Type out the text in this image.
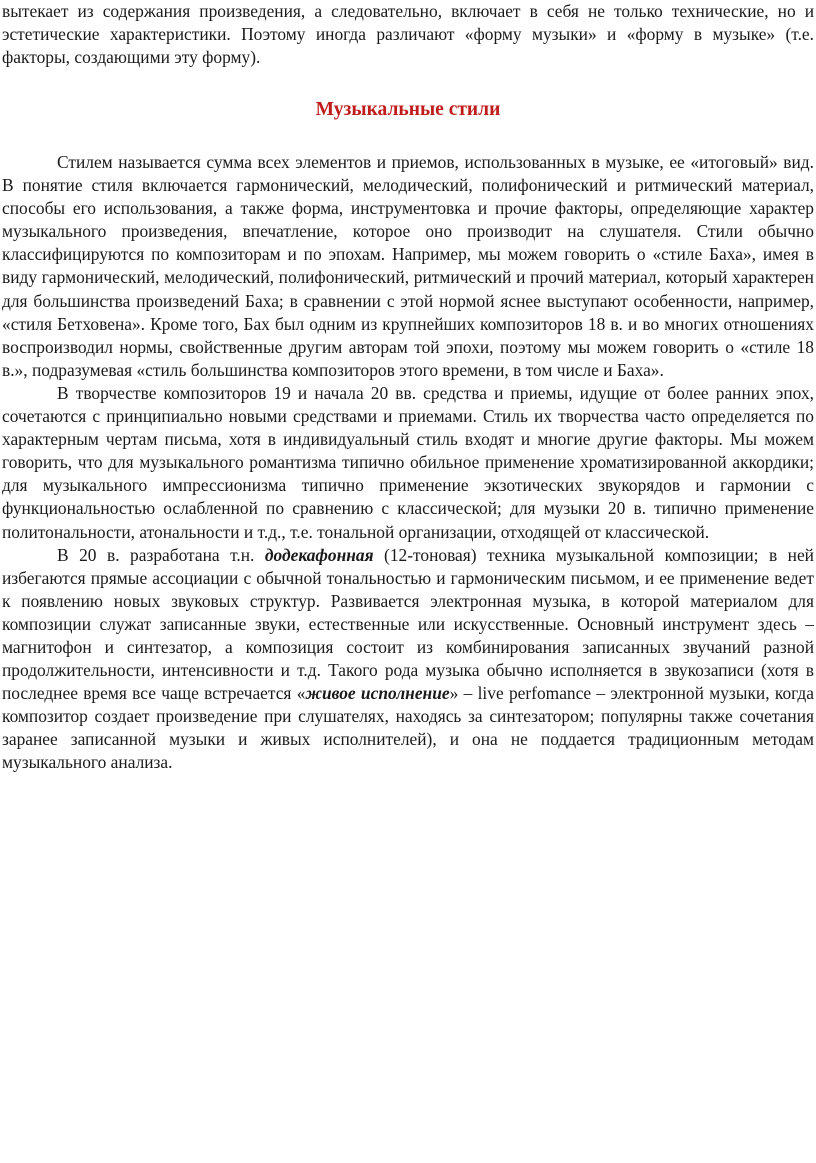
вытекает из содержания произведения, а следовательно, включает в себя не только технические, но и эстетические характеристики. Поэтому иногда различают «форму музыки» и «форму в музыке» (т.е. факторы, создающими эту форму).

Музыкальные стили

Стилем называется сумма всех элементов и приемов, использованных в музыке, ее «итоговый» вид. В понятие стиля включается гармонический, мелодический, полифонический и ритмический материал, способы его использования, а также форма, инструментовка и прочие факторы, определяющие характер музыкального произведения, впечатление, которое оно производит на слушателя. Стили обычно классифицируются по композиторам и по эпохам. Например, мы можем говорить о «стиле Баха», имея в виду гармонический, мелодический, полифонический, ритмический и прочий материал, который характерен для большинства произведений Баха; в сравнении с этой нормой яснее выступают особенности, например, «стиля Бетховена». Кроме того, Бах был одним из крупнейших композиторов 18 в. и во многих отношениях воспроизводил нормы, свойственные другим авторам той эпохи, поэтому мы можем говорить о «стиле 18 в.», подразумевая «стиль большинства композиторов этого времени, в том числе и Баха».

В творчестве композиторов 19 и начала 20 вв. средства и приемы, идущие от более ранних эпох, сочетаются с принципиально новыми средствами и приемами. Стиль их творчества часто определяется по характерным чертам письма, хотя в индивидуальный стиль входят и многие другие факторы. Мы можем говорить, что для музыкального романтизма типично обильное применение хроматизированной аккордики; для музыкального импрессионизма типично применение экзотических звукорядов и гармонии с функциональностью ослабленной по сравнению с классической; для музыки 20 в. типично применение политональности, атональности и т.д., т.е. тональной организации, отходящей от классической.

В 20 в. разработана т.н. додекафонная (12-тоновая) техника музыкальной композиции; в ней избегаются прямые ассоциации с обычной тональностью и гармоническим письмом, и ее применение ведет к появлению новых звуковых структур. Развивается электронная музыка, в которой материалом для композиции служат записанные звуки, естественные или искусственные. Основный инструмент здесь – магнитофон и синтезатор, а композиция состоит из комбинирования записанных звучаний разной продолжительности, интенсивности и т.д. Такого рода музыка обычно исполняется в звукозаписи (хотя в последнее время все чаще встречается «живое исполнение» – live perfomance – электронной музыки, когда композитор создает произведение при слушателях, находясь за синтезатором; популярны также сочетания заранее записанной музыки и живых исполнителей), и она не поддается традиционным методам музыкального анализа.
